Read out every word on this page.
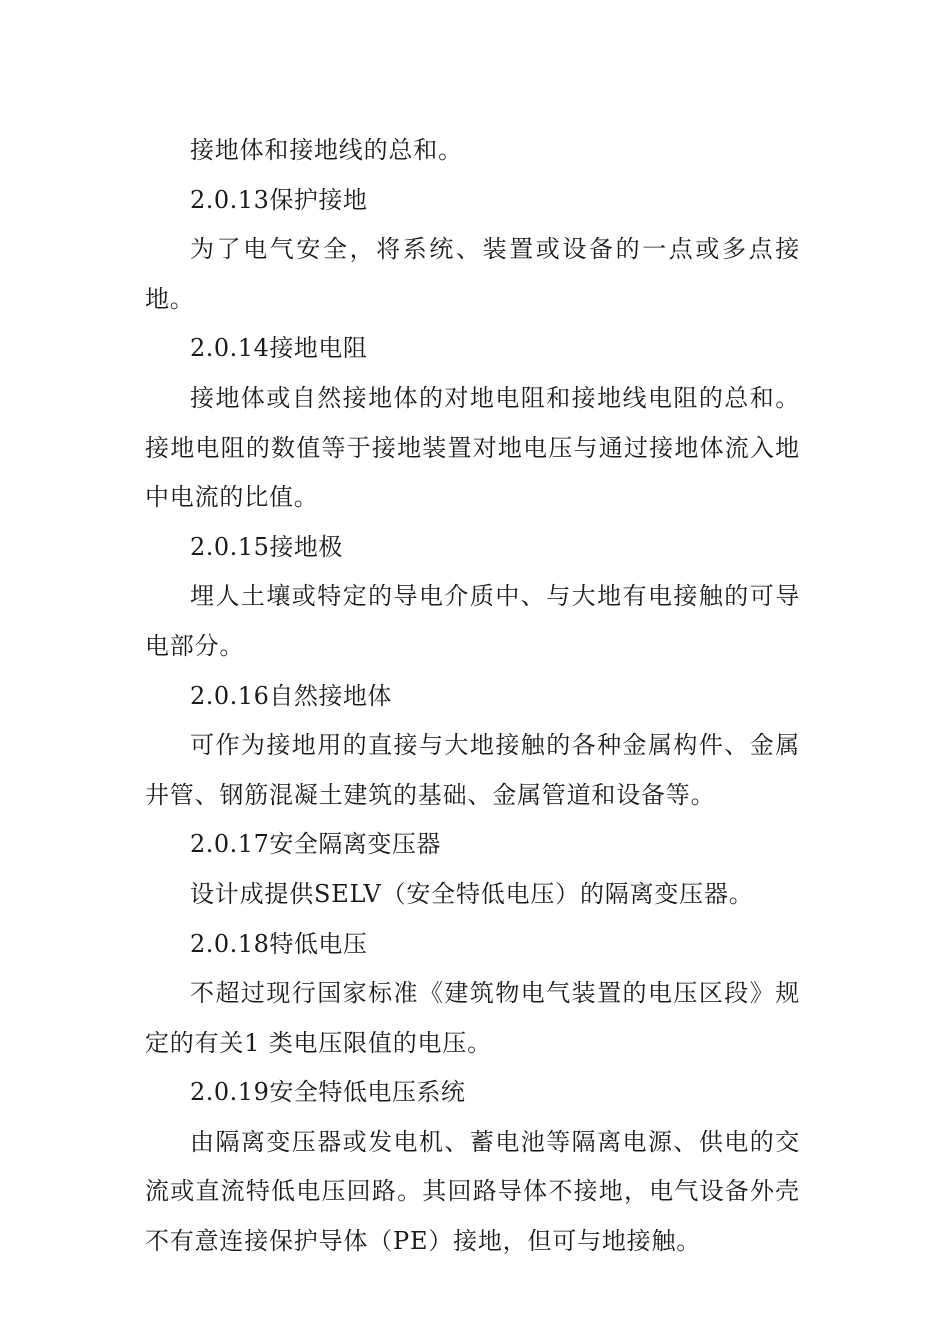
接地体和接地线的总和。

2.0.13保护接地

为了电气安全，将系统、装置或设备的一点或多点接地。

2.0.14接地电阻

接地体或自然接地体的对地电阻和接地线电阻的总和。接地电阻的数值等于接地装置对地电压与通过接地体流入地中电流的比值。

2.0.15接地极

埋人土壤或特定的导电介质中、与大地有电接触的可导电部分。

2.0.16自然接地体

可作为接地用的直接与大地接触的各种金属构件、金属井管、钢筋混凝土建筑的基础、金属管道和设备等。

2.0.17安全隔离变压器

设计成提供SELV（安全特低电压）的隔离变压器。

2.0.18特低电压

不超过现行国家标准《建筑物电气装置的电压区段》规定的有关1 类电压限值的电压。

2.0.19安全特低电压系统

由隔离变压器或发电机、蓄电池等隔离电源、供电的交流或直流特低电压回路。其回路导体不接地，电气设备外壳不有意连接保护导体（PE）接地，但可与地接触。
